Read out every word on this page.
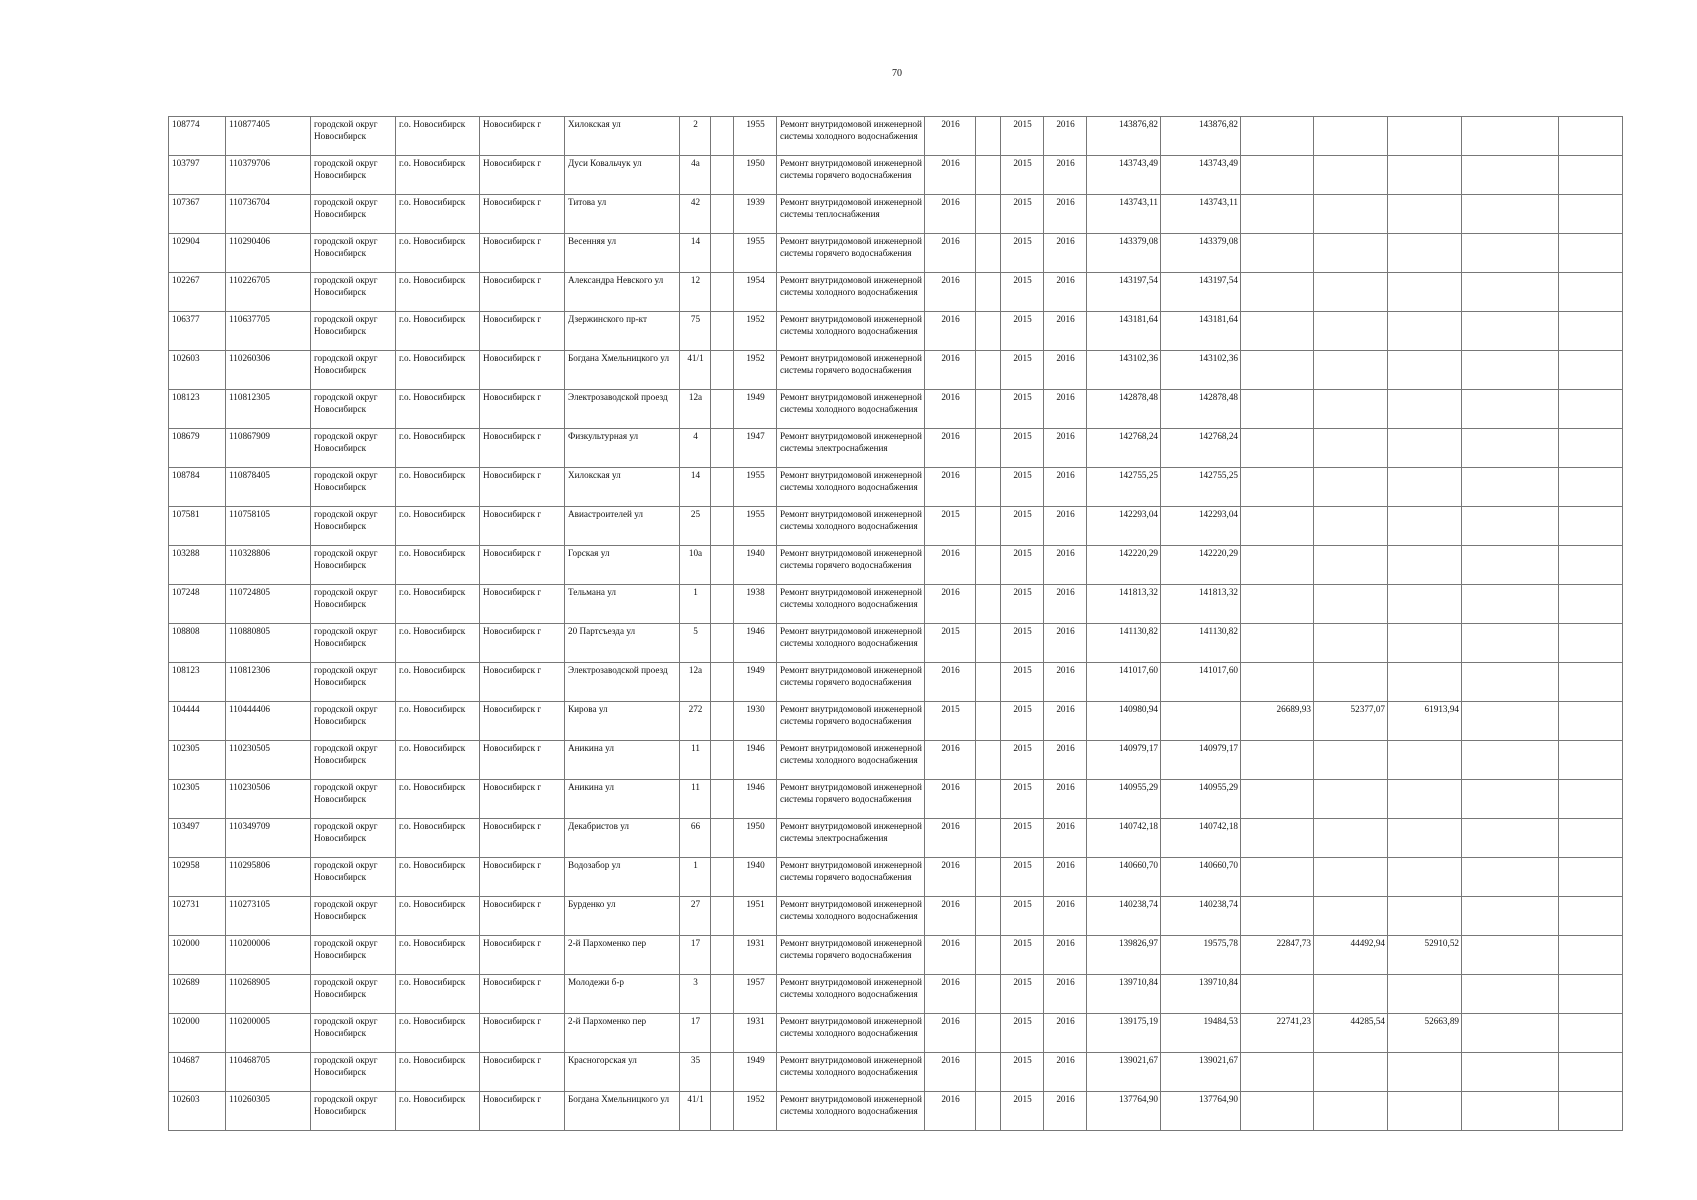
70
108774	110877405	городской округ Новосибирск	г.о. Новосибирск	Новосибирск г	Хилокская ул	2		1955	Ремонт внутридомовой инженерной системы холодного водоснабжения	2016		2015	2016	143876,82	143876,82					
103797	110379706	городской округ Новосибирск	г.о. Новосибирск	Новосибирск г	Дуси Ковальчук ул	4а		1950	Ремонт внутридомовой инженерной системы горячего водоснабжения	2016		2015	2016	143743,49	143743,49					
107367	110736704	городской округ Новосибирск	г.о. Новосибирск	Новосибирск г	Титова ул	42		1939	Ремонт внутридомовой инженерной системы теплоснабжения	2016		2015	2016	143743,11	143743,11					
102904	110290406	городской округ Новосибирск	г.о. Новосибирск	Новосибирск г	Весенняя ул	14		1955	Ремонт внутридомовой инженерной системы горячего водоснабжения	2016		2015	2016	143379,08	143379,08					
102267	110226705	городской округ Новосибирск	г.о. Новосибирск	Новосибирск г	Александра Невского ул	12		1954	Ремонт внутридомовой инженерной системы холодного водоснабжения	2016		2015	2016	143197,54	143197,54					
106377	110637705	городской округ Новосибирск	г.о. Новосибирск	Новосибирск г	Дзержинского пр-кт	75		1952	Ремонт внутридомовой инженерной системы холодного водоснабжения	2016		2015	2016	143181,64	143181,64					
102603	110260306	городской округ Новосибирск	г.о. Новосибирск	Новосибирск г	Богдана Хмельницкого ул	41/1		1952	Ремонт внутридомовой инженерной системы горячего водоснабжения	2016		2015	2016	143102,36	143102,36					
108123	110812305	городской округ Новосибирск	г.о. Новосибирск	Новосибирск г	Электрозаводской проезд	12а		1949	Ремонт внутридомовой инженерной системы холодного водоснабжения	2016		2015	2016	142878,48	142878,48					
108679	110867909	городской округ Новосибирск	г.о. Новосибирск	Новосибирск г	Физкультурная ул	4		1947	Ремонт внутридомовой инженерной системы электроснабжения	2016		2015	2016	142768,24	142768,24					
108784	110878405	городской округ Новосибирск	г.о. Новосибирск	Новосибирск г	Хилокская ул	14		1955	Ремонт внутридомовой инженерной системы холодного водоснабжения	2016		2015	2016	142755,25	142755,25					
107581	110758105	городской округ Новосибирск	г.о. Новосибирск	Новосибирск г	Авиастроителей ул	25		1955	Ремонт внутридомовой инженерной системы холодного водоснабжения	2015		2015	2016	142293,04	142293,04					
103288	110328806	городской округ Новосибирск	г.о. Новосибирск	Новосибирск г	Горская ул	10а		1940	Ремонт внутридомовой инженерной системы горячего водоснабжения	2016		2015	2016	142220,29	142220,29					
107248	110724805	городской округ Новосибирск	г.о. Новосибирск	Новосибирск г	Тельмана ул	1		1938	Ремонт внутридомовой инженерной системы холодного водоснабжения	2016		2015	2016	141813,32	141813,32					
108808	110880805	городской округ Новосибирск	г.о. Новосибирск	Новосибирск г	20 Партсъезда ул	5		1946	Ремонт внутридомовой инженерной системы холодного водоснабжения	2015		2015	2016	141130,82	141130,82					
108123	110812306	городской округ Новосибирск	г.о. Новосибирск	Новосибирск г	Электрозаводской проезд	12а		1949	Ремонт внутридомовой инженерной системы горячего водоснабжения	2016		2015	2016	141017,60	141017,60					
104444	110444406	городской округ Новосибирск	г.о. Новосибирск	Новосибирск г	Кирова ул	272		1930	Ремонт внутридомовой инженерной системы горячего водоснабжения	2015		2015	2016	140980,94		26689,93	52377,07	61913,94		
102305	110230505	городской округ Новосибирск	г.о. Новосибирск	Новосибирск г	Аникина ул	11		1946	Ремонт внутридомовой инженерной системы холодного водоснабжения	2016		2015	2016	140979,17	140979,17					
102305	110230506	городской округ Новосибирск	г.о. Новосибирск	Новосибирск г	Аникина ул	11		1946	Ремонт внутридомовой инженерной системы горячего водоснабжения	2016		2015	2016	140955,29	140955,29					
103497	110349709	городской округ Новосибирск	г.о. Новосибирск	Новосибирск г	Декабристов ул	66		1950	Ремонт внутридомовой инженерной системы электроснабжения	2016		2015	2016	140742,18	140742,18					
102958	110295806	городской округ Новосибирск	г.о. Новосибирск	Новосибирск г	Водозабор ул	1		1940	Ремонт внутридомовой инженерной системы горячего водоснабжения	2016		2015	2016	140660,70	140660,70					
102731	110273105	городской округ Новосибирск	г.о. Новосибирск	Новосибирск г	Бурденко ул	27		1951	Ремонт внутридомовой инженерной системы холодного водоснабжения	2016		2015	2016	140238,74	140238,74					
102000	110200006	городской округ Новосибирск	г.о. Новосибирск	Новосибирск г	2-й Пархоменко пер	17		1931	Ремонт внутридомовой инженерной системы горячего водоснабжения	2016		2015	2016	139826,97	19575,78	22847,73	44492,94	52910,52		
102689	110268905	городской округ Новосибирск	г.о. Новосибирск	Новосибирск г	Молодежи б-р	3		1957	Ремонт внутридомовой инженерной системы холодного водоснабжения	2016		2015	2016	139710,84	139710,84					
102000	110200005	городской округ Новосибирск	г.о. Новосибирск	Новосибирск г	2-й Пархоменко пер	17		1931	Ремонт внутридомовой инженерной системы холодного водоснабжения	2016		2015	2016	139175,19	19484,53	22741,23	44285,54	52663,89		
104687	110468705	городской округ Новосибирск	г.о. Новосибирск	Новосибирск г	Красногорская ул	35		1949	Ремонт внутридомовой инженерной системы холодного водоснабжения	2016		2015	2016	139021,67	139021,67					
102603	110260305	городской округ Новосибирск	г.о. Новосибирск	Новосибирск г	Богдана Хмельницкого ул	41/1		1952	Ремонт внутридомовой инженерной системы холодного водоснабжения	2016		2015	2016	137764,90	137764,90					
